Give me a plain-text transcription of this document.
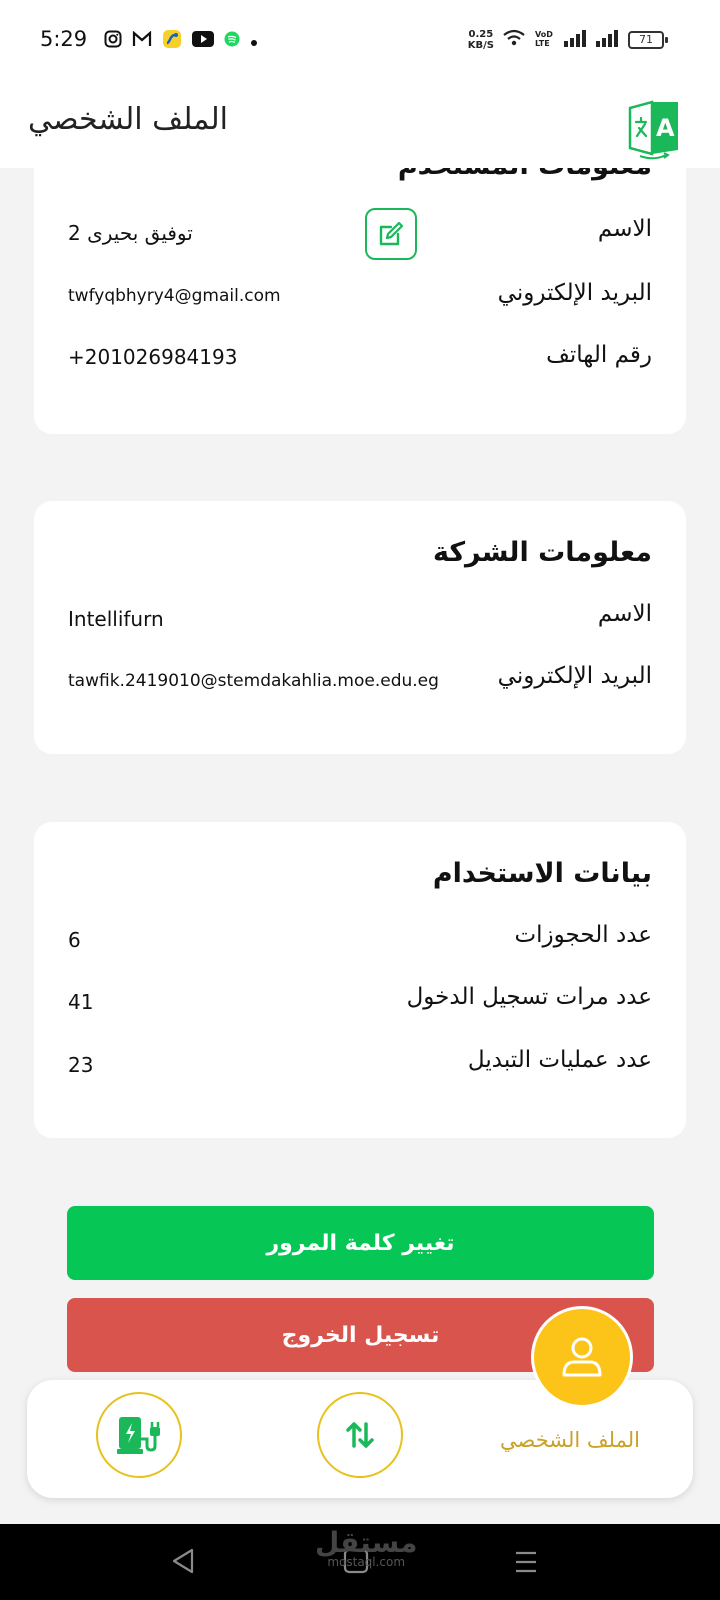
5:29	0.25
KB/S
VoD
LTE	71
الاسم
توفيق بحيرى 2
البريد الإلكتروني
twfyqbhyry4@gmail.com
رقم الهاتف
+201026984193
معلومات الشركة
الاسم
Intellifurn
البريد الإلكتروني
tawfik.2419010@stemdakahlia.moe.edu.eg
بيانات الاستخدام
عدد الحجوزات
6
عدد مرات تسجيل الدخول
41
عدد عمليات التبديل
23
تغيير كلمة المرور
تسجيل الخروج
الملف الشخصي	A
الملف الشخصي
مستقل
mostaql.com
